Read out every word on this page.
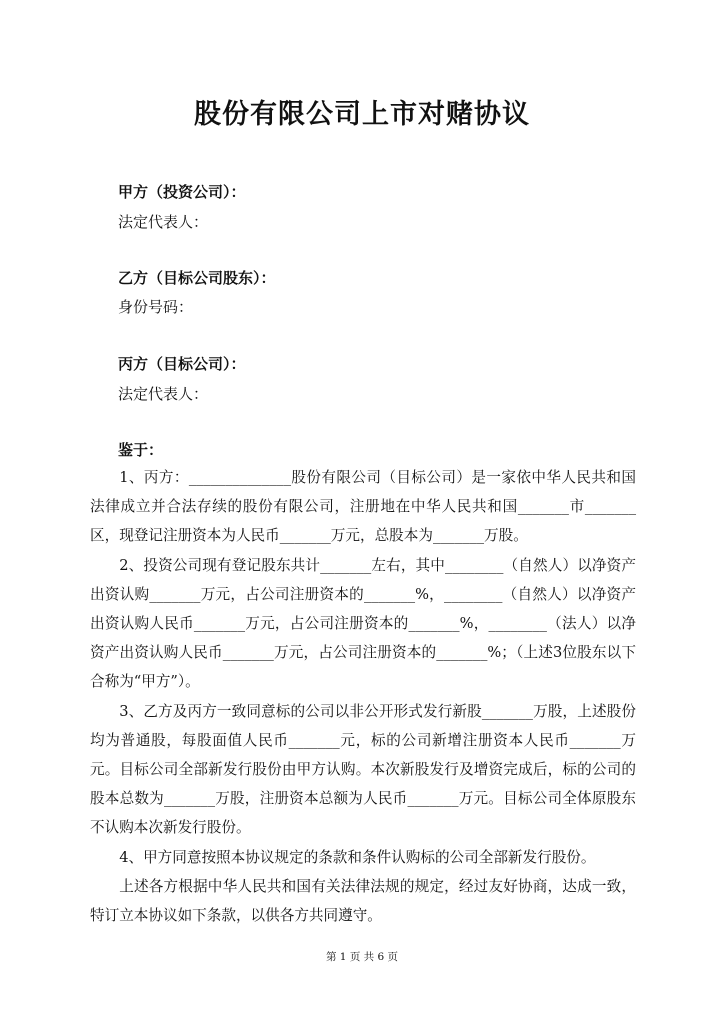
股份有限公司上市对赌协议
甲方（投资公司）：
法定代表人：
乙方（目标公司股东）：
身份号码：
丙方（目标公司）：
法定代表人：
鉴于：

1、丙方：______________股份有限公司（目标公司）是一家依中华人民共和国法律成立并合法存续的股份有限公司，注册地在中华人民共和国_______市_______区，现登记注册资本为人民币_______万元，总股本为_______万股。

2、投资公司现有登记股东共计_______左右，其中________（自然人）以净资产出资认购_______万元，占公司注册资本的_______%，________（自然人）以净资产出资认购人民币_______万元，占公司注册资本的_______%，________（法人）以净资产出资认购人民币_______万元，占公司注册资本的_______%；（上述3位股东以下合称为“甲方”）。

3、乙方及丙方一致同意标的公司以非公开形式发行新股_______万股，上述股份均为普通股，每股面值人民币_______元，标的公司新增注册资本人民币_______万元。目标公司全部新发行股份由甲方认购。本次新股发行及增资完成后，标的公司的股本总数为_______万股，注册资本总额为人民币_______万元。目标公司全体原股东不认购本次新发行股份。

4、甲方同意按照本协议规定的条款和条件认购标的公司全部新发行股份。

上述各方根据中华人民共和国有关法律法规的规定，经过友好协商，达成一致，特订立本协议如下条款，以供各方共同遵守。

第 1 页 共 6 页
